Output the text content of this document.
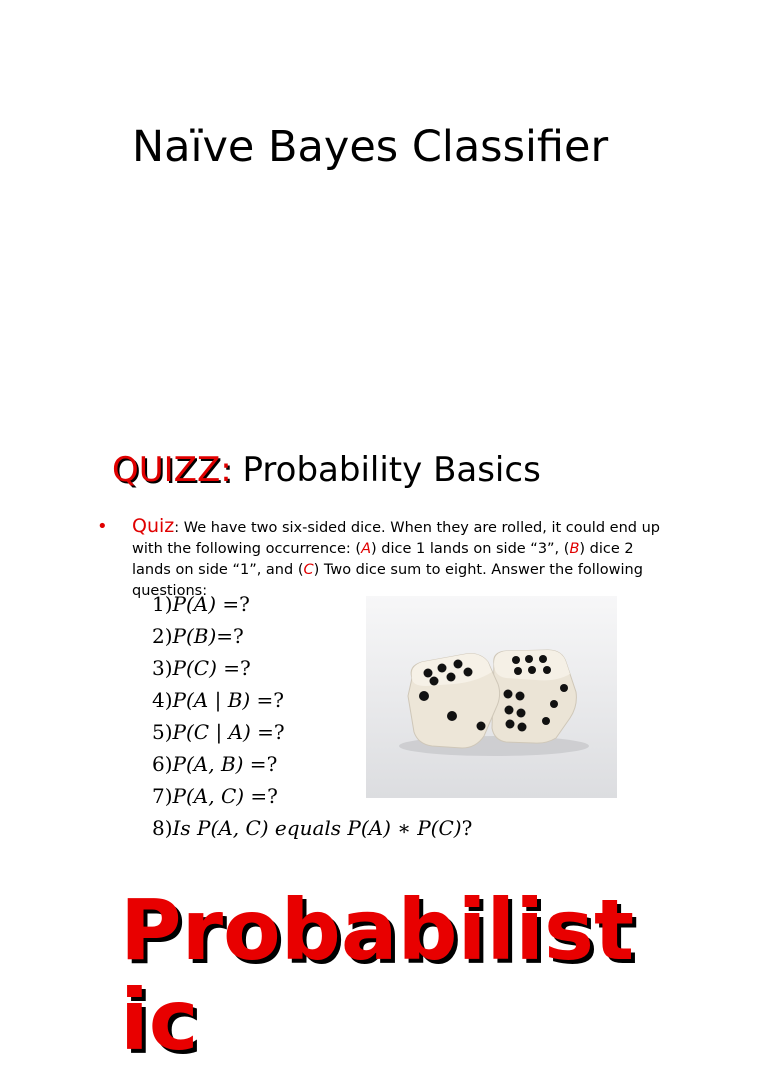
Naïve Bayes Classifier
QUIZZ: Probability Basics
• Quiz: We have two six-sided dice. When they are rolled, it could end up with the following occurrence: (A) dice 1 lands on side “3”, (B) dice 2 lands on side “1”, and (C) Two dice sum to eight. Answer the following questions:
1)P(A) =?
2)P(B)=?
3)P(C) =?
4)P(A | B) =?
5)P(C | A) =?
6)P(A, B) =?
7)P(A, C) =?
8)Is P(A, C) equals P(A) ∗ P(C)?
Probabilist
ic
